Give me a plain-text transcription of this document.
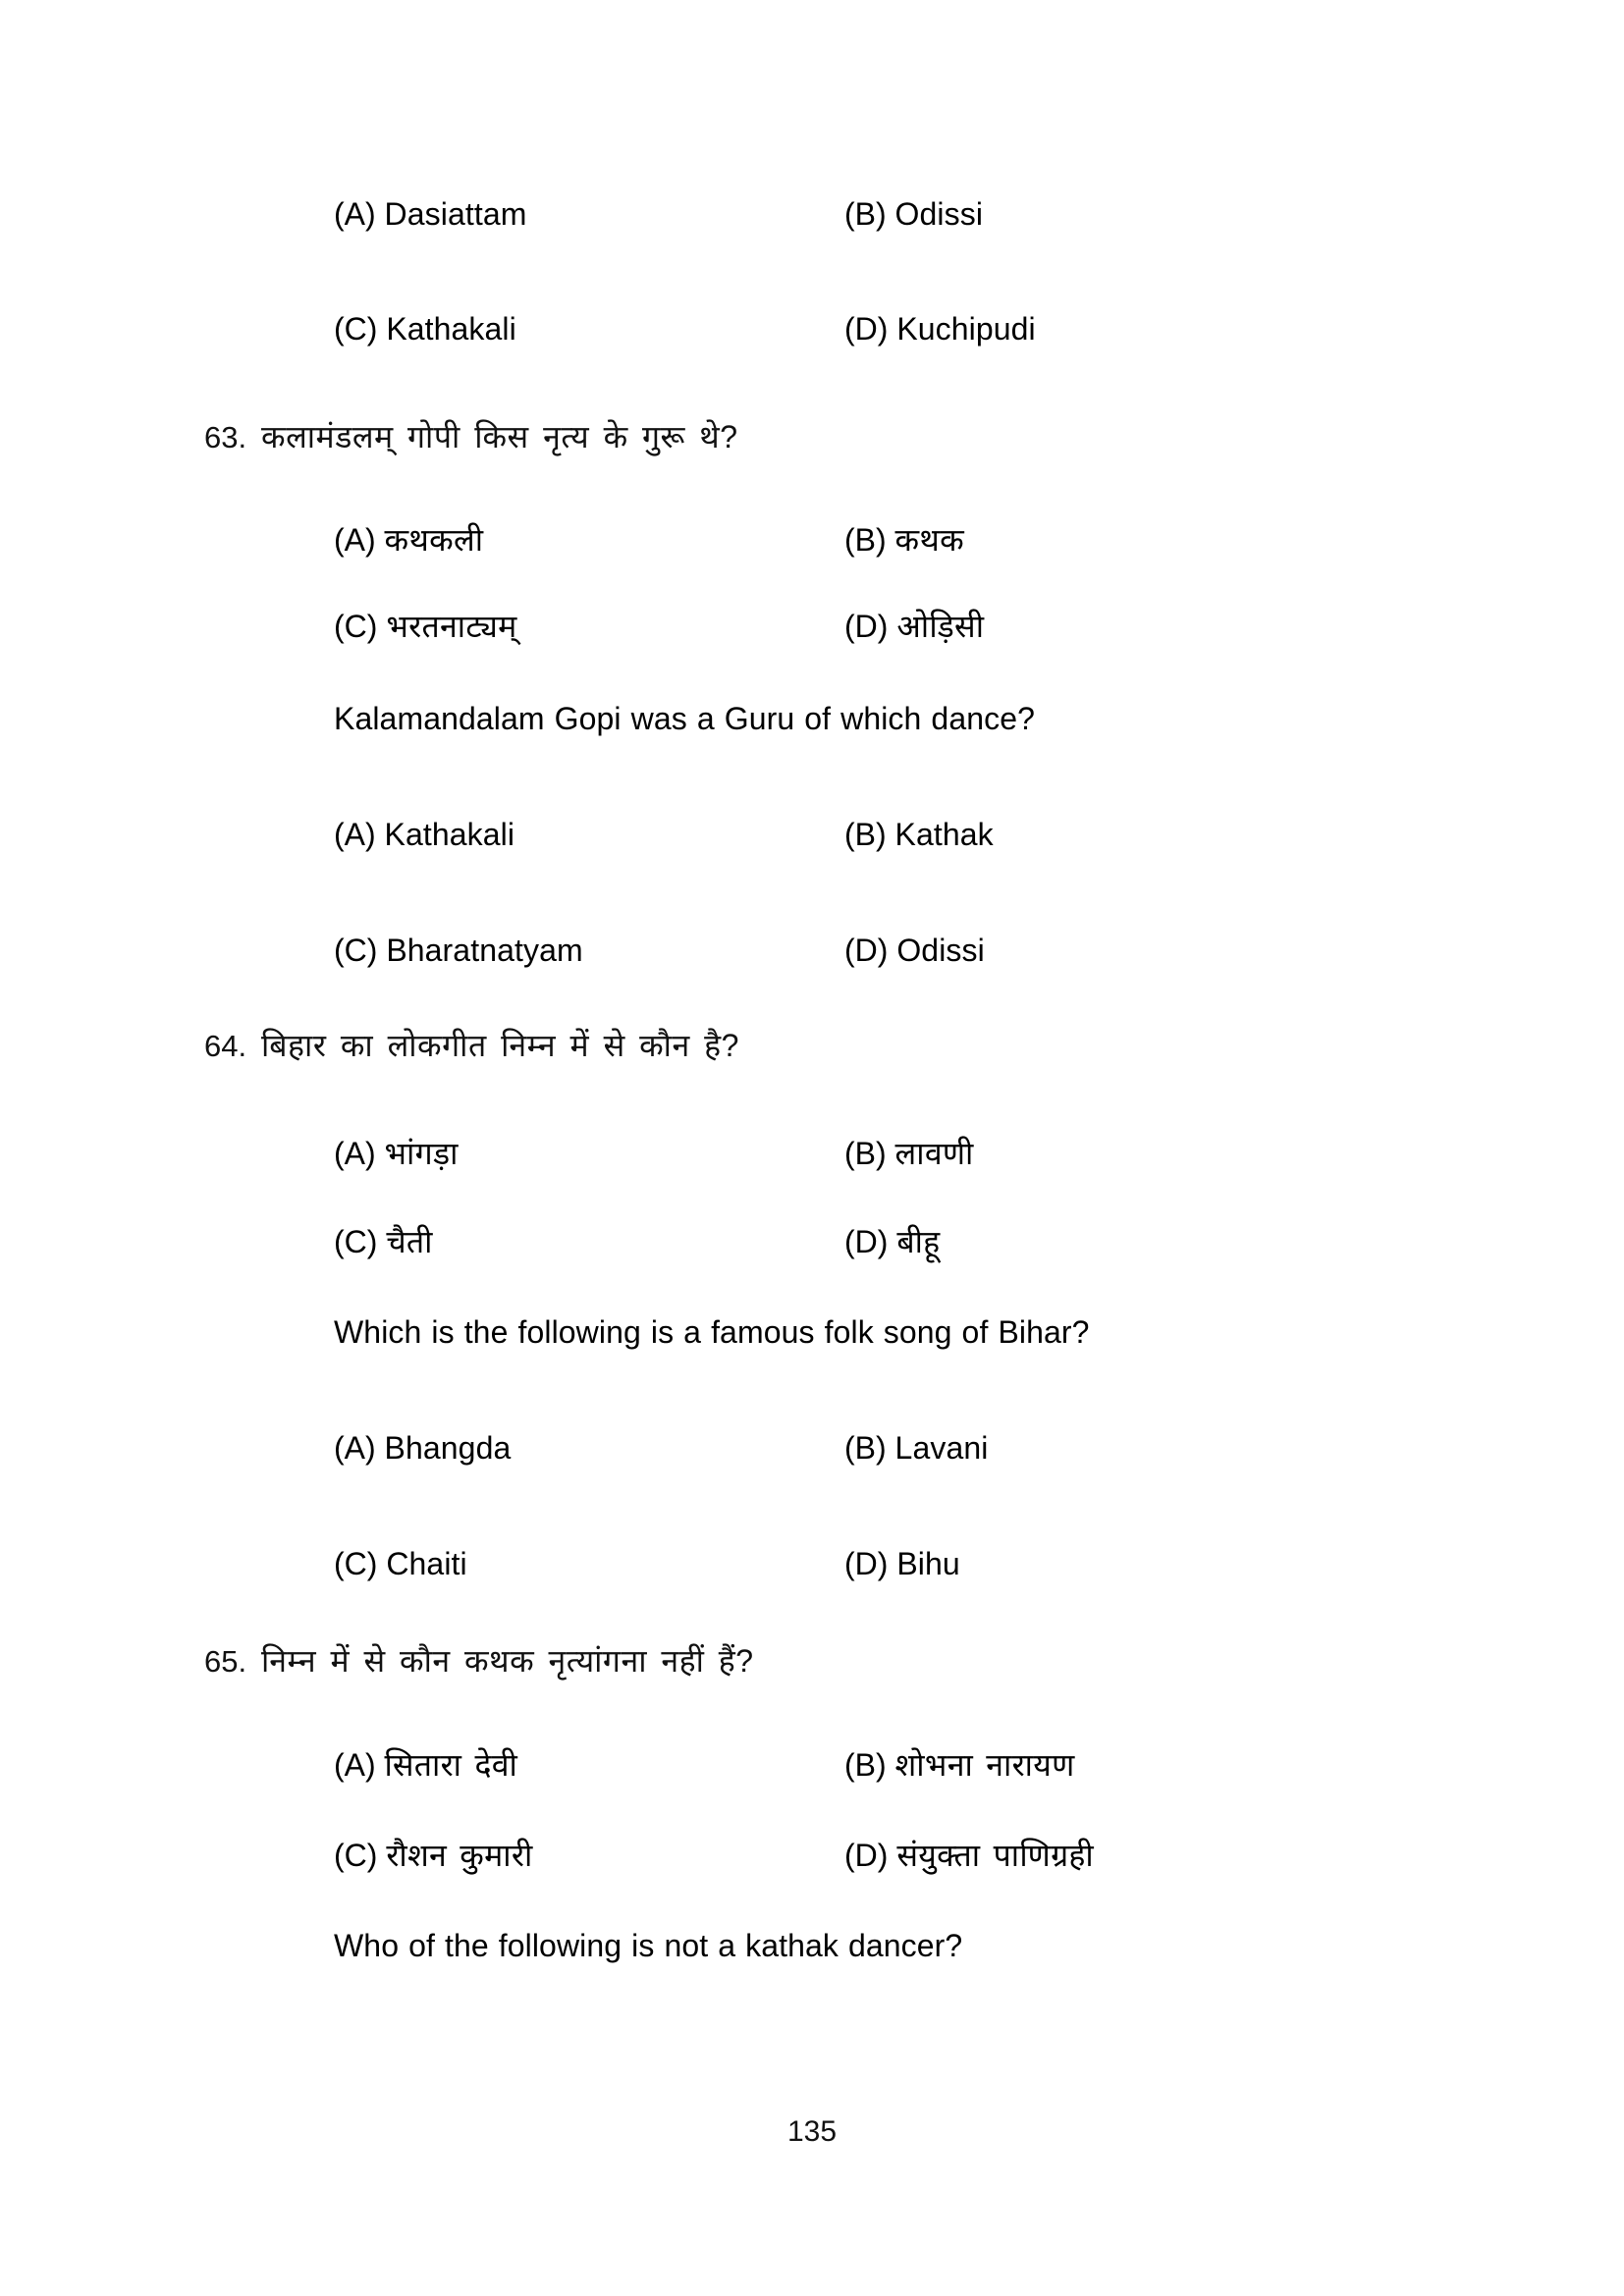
(A) Dasiattam	(B) Odissi
(C) Kathakali	(D) Kuchipudi
63. कलामंडलम् गोपी किस नृत्य के गुरू थे?
(A) कथकली	(B) कथक
(C) भरतनाट्यम्	(D) ओड़िसी
Kalamandalam Gopi was a Guru of which dance?
(A) Kathakali	(B) Kathak
(C) Bharatnatyam	(D) Odissi
64. बिहार का लोकगीत निम्न में से कौन है?
(A) भांगड़ा	(B) लावणी
(C) चैती	(D) बीहू
Which is the following is a famous folk song of Bihar?
(A) Bhangda	(B) Lavani
(C) Chaiti	(D) Bihu
65. निम्न में से कौन कथक नृत्यांगना नहीं हैं?
(A) सितारा देवी	(B) शोभना नारायण
(C) रौशन कुमारी	(D) संयुक्ता पाणिग्रही
Who of the following is not a kathak dancer?
135
